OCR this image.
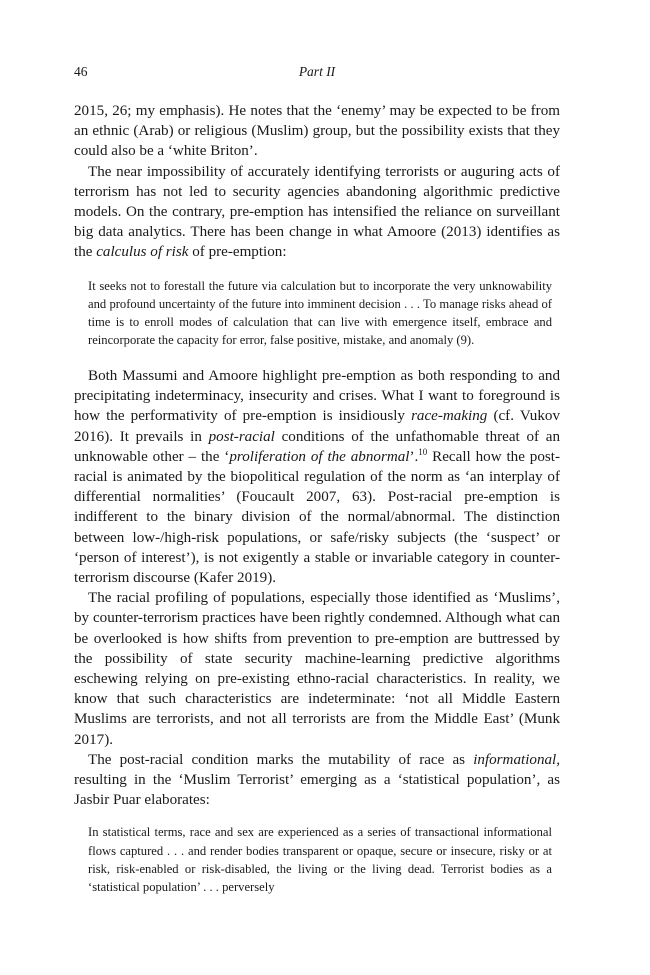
46	Part II

2015, 26; my emphasis). He notes that the ‘enemy’ may be expected to be from an ethnic (Arab) or religious (Muslim) group, but the possibility exists that they could also be a ‘white Briton’.

The near impossibility of accurately identifying terrorists or auguring acts of terrorism has not led to security agencies abandoning algorithmic predictive models. On the contrary, pre-emption has intensified the reliance on surveillant big data analytics. There has been change in what Amoore (2013) identifies as the calculus of risk of pre-emption:

It seeks not to forestall the future via calculation but to incorporate the very unknowability and profound uncertainty of the future into imminent decision . . . To manage risks ahead of time is to enroll modes of calculation that can live with emergence itself, embrace and reincorporate the capacity for error, false positive, mistake, and anomaly (9).

Both Massumi and Amoore highlight pre-emption as both responding to and precipitating indeterminacy, insecurity and crises. What I want to foreground is how the performativity of pre-emption is insidiously race-making (cf. Vukov 2016). It prevails in post-racial conditions of the unfathomable threat of an unknowable other – the ‘proliferation of the abnormal’.$^{10}$ Recall how the post-racial is animated by the biopolitical regulation of the norm as ‘an interplay of differential normalities’ (Foucault 2007, 63). Post-racial pre-emption is indifferent to the binary division of the normal/abnormal. The distinction between low-/high-risk populations, or safe/risky subjects (the ‘suspect’ or ‘person of interest’), is not exigently a stable or invariable category in counter-terrorism discourse (Kafer 2019).

The racial profiling of populations, especially those identified as ‘Muslims’, by counter-terrorism practices have been rightly condemned. Although what can be overlooked is how shifts from prevention to pre-emption are buttressed by the possibility of state security machine-learning predictive algorithms eschewing relying on pre-existing ethno-racial characteristics. In reality, we know that such characteristics are indeterminate: ‘not all Middle Eastern Muslims are terrorists, and not all terrorists are from the Middle East’ (Munk 2017).

The post-racial condition marks the mutability of race as informational, resulting in the ‘Muslim Terrorist’ emerging as a ‘statistical population’, as Jasbir Puar elaborates:

In statistical terms, race and sex are experienced as a series of transactional informational flows captured . . . and render bodies transparent or opaque, secure or insecure, risky or at risk, risk-enabled or risk-disabled, the living or the living dead. Terrorist bodies as a ‘statistical population’ . . . perversely
